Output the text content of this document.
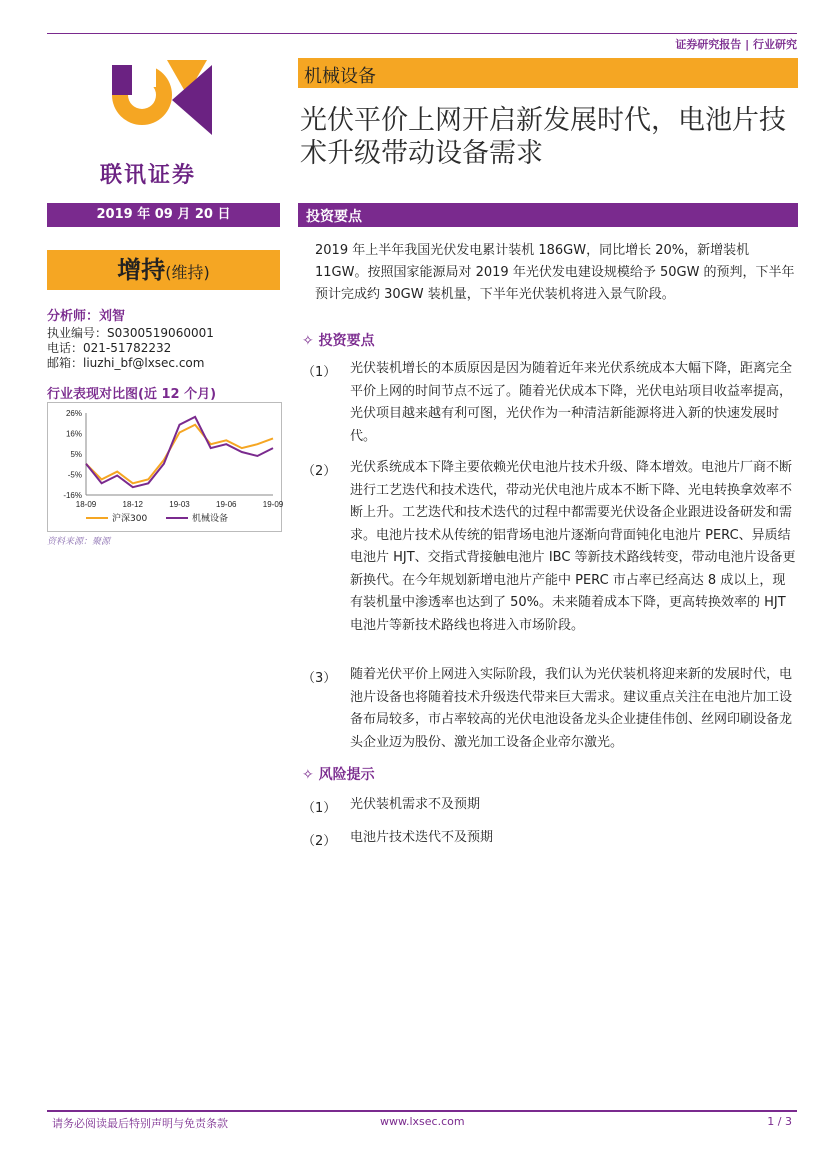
证券研究报告 | 行业研究
联讯证券
机械设备
光伏平价上网开启新发展时代，电池片技术升级带动设备需求
2019 年 09 月 20 日	投资要点
增持(维持)
分析师：刘智
执业编号：S0300519060001
电话：021-51782232
邮箱：liuzhi_bf@lxsec.com
行业表现对比图(近 12 个月)
26%
16%
5%
-5%
-16%
18-09	18-12	19-03	19-06	19-09
沪深300	机械设备
资料来源：聚源
2019 年上半年我国光伏发电累计装机 186GW，同比增长 20%，新增装机 11GW。按照国家能源局对 2019 年光伏发电建设规模给予 50GW 的预判，下半年预计完成约 30GW 装机量，下半年光伏装机将进入景气阶段。
✧ 投资要点
（1） 光伏装机增长的本质原因是因为随着近年来光伏系统成本大幅下降，距离完全平价上网的时间节点不远了。随着光伏成本下降，光伏电站项目收益率提高，光伏项目越来越有利可图，光伏作为一种清洁新能源将进入新的快速发展时代。
（2） 光伏系统成本下降主要依赖光伏电池片技术升级、降本增效。电池片厂商不断进行工艺迭代和技术迭代，带动光伏电池片成本不断下降、光电转换拿效率不断上升。工艺迭代和技术迭代的过程中都需要光伏设备企业跟进设备研发和需求。电池片技术从传统的铝背场电池片逐渐向背面钝化电池片 PERC、异质结电池片 HJT、交指式背接触电池片 IBC 等新技术路线转变，带动电池片设备更新换代。在今年规划新增电池片产能中 PERC 市占率已经高达 8 成以上，现有装机量中渗透率也达到了 50%。未来随着成本下降，更高转换效率的 HJT 电池片等新技术路线也将进入市场阶段。
（3） 随着光伏平价上网进入实际阶段，我们认为光伏装机将迎来新的发展时代，电池片设备也将随着技术升级迭代带来巨大需求。建议重点关注在电池片加工设备布局较多，市占率较高的光伏电池设备龙头企业捷佳伟创、丝网印刷设备龙头企业迈为股份、激光加工设备企业帝尔激光。
✧ 风险提示
（1） 光伏装机需求不及预期
（2） 电池片技术迭代不及预期
请务必阅读最后特别声明与免责条款	www.lxsec.com	1 / 3
